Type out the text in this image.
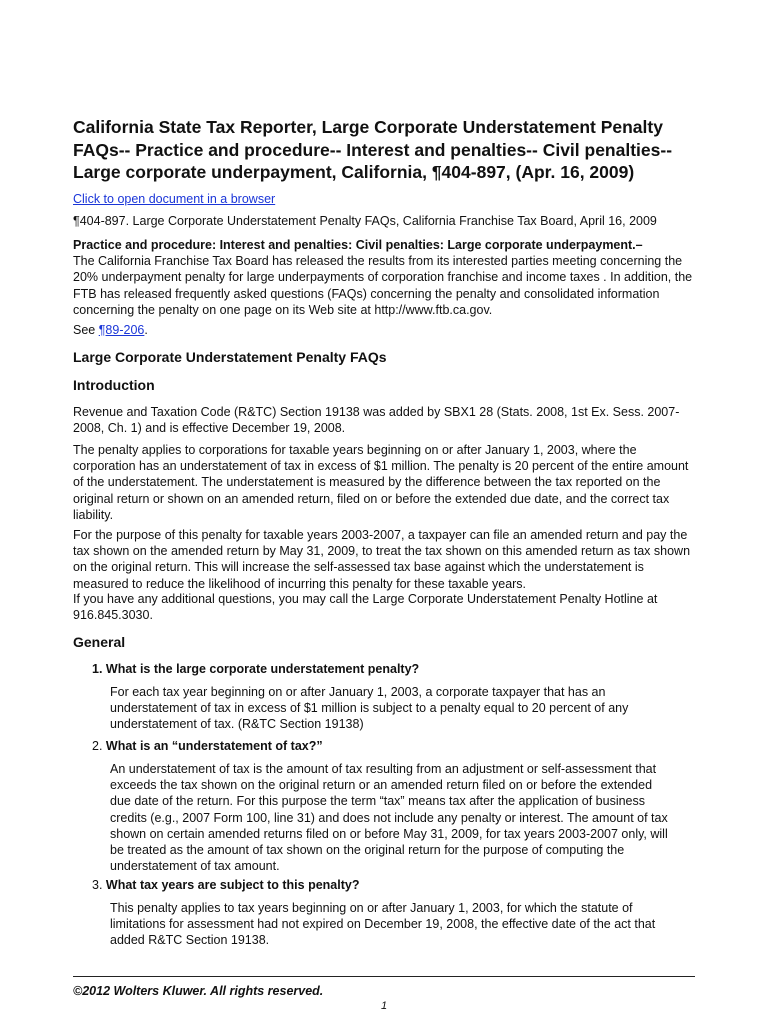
California State Tax Reporter, Large Corporate Understatement Penalty FAQs-- Practice and procedure-- Interest and penalties-- Civil penalties-- Large corporate underpayment, California, ¶404-897, (Apr. 16, 2009)
Click to open document in a browser
¶404-897. Large Corporate Understatement Penalty FAQs, California Franchise Tax Board, April 16, 2009

Practice and procedure: Interest and penalties: Civil penalties: Large corporate underpayment.–

The California Franchise Tax Board has released the results from its interested parties meeting concerning the 20% underpayment penalty for large underpayments of corporation franchise and income taxes . In addition, the FTB has released frequently asked questions (FAQs) concerning the penalty and consolidated information concerning the penalty on one page on its Web site at http://www.ftb.ca.gov.

See ¶89-206.
Large Corporate Understatement Penalty FAQs
Introduction
Revenue and Taxation Code (R&TC) Section 19138 was added by SBX1 28 (Stats. 2008, 1st Ex. Sess. 2007-2008, Ch. 1) and is effective December 19, 2008.
The penalty applies to corporations for taxable years beginning on or after January 1, 2003, where the corporation has an understatement of tax in excess of $1 million. The penalty is 20 percent of the entire amount of the understatement. The understatement is measured by the difference between the tax reported on the original return or shown on an amended return, filed on or before the extended due date, and the correct tax liability.
For the purpose of this penalty for taxable years 2003-2007, a taxpayer can file an amended return and pay the tax shown on the amended return by May 31, 2009, to treat the tax shown on this amended return as tax shown on the original return. This will increase the self-assessed tax base against which the understatement is measured to reduce the likelihood of incurring this penalty for these taxable years.
If you have any additional questions, you may call the Large Corporate Understatement Penalty Hotline at 916.845.3030.
General
1. What is the large corporate understatement penalty?

For each tax year beginning on or after January 1, 2003, a corporate taxpayer that has an understatement of tax in excess of $1 million is subject to a penalty equal to 20 percent of any understatement of tax. (R&TC Section 19138)

2. What is an “understatement of tax?”

An understatement of tax is the amount of tax resulting from an adjustment or self-assessment that exceeds the tax shown on the original return or an amended return filed on or before the extended due date of the return. For this purpose the term “tax” means tax after the application of business credits (e.g., 2007 Form 100, line 31) and does not include any penalty or interest. The amount of tax shown on certain amended returns filed on or before May 31, 2009, for tax years 2003-2007 only, will be treated as the amount of tax shown on the original return for the purpose of computing the understatement of tax amount.

3. What tax years are subject to this penalty?

This penalty applies to tax years beginning on or after January 1, 2003, for which the statute of limitations for assessment had not expired on December 19, 2008, the effective date of the act that added R&TC Section 19138.

©2012 Wolters Kluwer. All rights reserved.
1
